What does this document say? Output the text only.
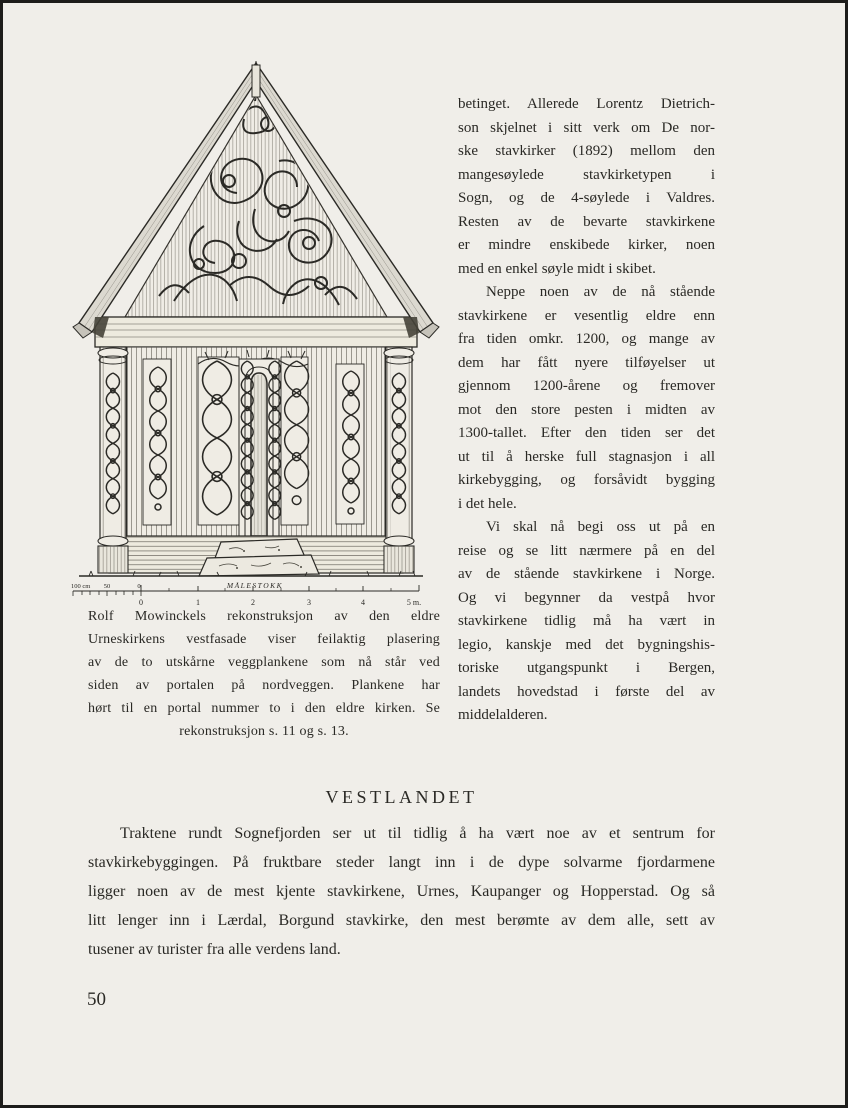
100 cm 50	0	MÅLESTOKK
0	1	2	3	4	5 m.
Rolf Mowinckels rekonstruksjon av den eldre
Urneskirkens vestfasade viser feilaktig plasering
av de to utskårne veggplankene som nå står ved
siden av portalen på nordveggen. Plankene har
hørt til en portal nummer to i den eldre kirken. Se
rekonstruksjon s. 11 og s. 13.
betinget. Allerede Lorentz Dietrich-
son skjelnet i sitt verk om De nor-
ske stavkirker (1892) mellom den
mangesøylede stavkirketypen i
Sogn, og de 4-søylede i Valdres.
Resten av de bevarte stavkirkene
er mindre enskibede kirker, noen
med en enkel søyle midt i skibet.
Neppe noen av de nå stående
stavkirkene er vesentlig eldre enn
fra tiden omkr. 1200, og mange av
dem har fått nyere tilføyelser ut
gjennom 1200-årene og fremover
mot den store pesten i midten av
1300-tallet. Efter den tiden ser det
ut til å herske full stagnasjon i all
kirkebygging, og forsåvidt bygging
i det hele.
Vi skal nå begi oss ut på en
reise og se litt nærmere på en del
av de stående stavkirkene i Norge.
Og vi begynner da vestpå hvor
stavkirkene tidlig må ha vært in
legio, kanskje med det bygningshis-
toriske utgangspunkt i Bergen,
landets hovedstad i første del av
middelalderen.
VESTLANDET
Traktene rundt Sognefjorden ser ut til tidlig å ha vært noe av et sentrum for
stavkirkebyggingen. På fruktbare steder langt inn i de dype solvarme fjordarmene
ligger noen av de mest kjente stavkirkene, Urnes, Kaupanger og Hopperstad. Og så
litt lenger inn i Lærdal, Borgund stavkirke, den mest berømte av dem alle, sett av
tusener av turister fra alle verdens land.
50
